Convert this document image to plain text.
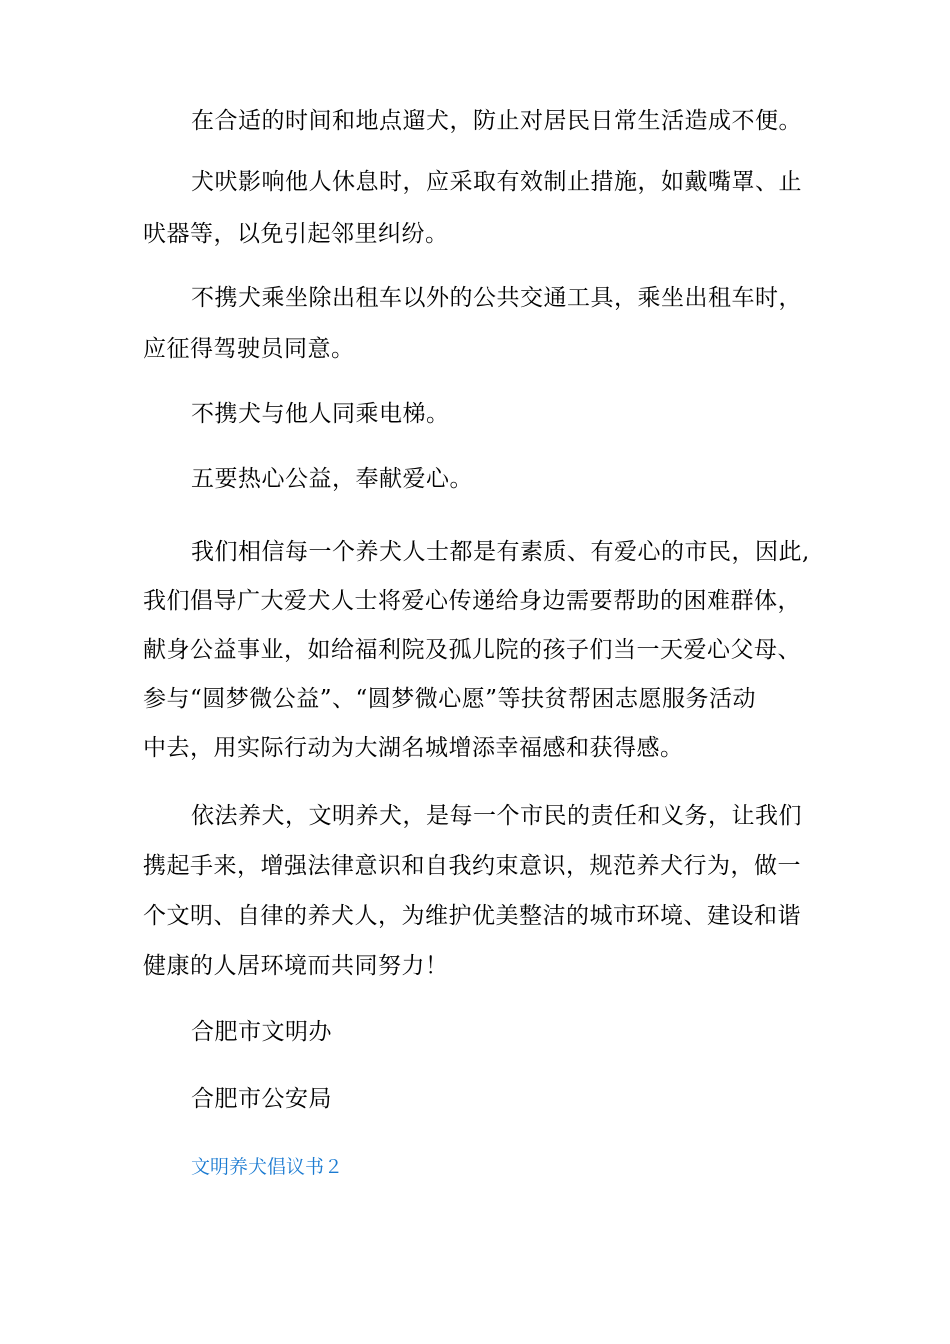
在合适的时间和地点遛犬，防止对居民日常生活造成不便。
犬吠影响他人休息时，应采取有效制止措施，如戴嘴罩、止
吠器等，以免引起邻里纠纷。
不携犬乘坐除出租车以外的公共交通工具，乘坐出租车时，
应征得驾驶员同意。
不携犬与他人同乘电梯。
五要热心公益，奉献爱心。
我们相信每一个养犬人士都是有素质、有爱心的市民，因此,
我们倡导广大爱犬人士将爱心传递给身边需要帮助的困难群体，
献身公益事业，如给福利院及孤儿院的孩子们当一天爱心父母、
参与“圆梦微公益”、“圆梦微心愿”等扶贫帮困志愿服务活动
中去，用实际行动为大湖名城增添幸福感和获得感。
依法养犬，文明养犬，是每一个市民的责任和义务，让我们
携起手来，增强法律意识和自我约束意识，规范养犬行为，做一
个文明、自律的养犬人，为维护优美整洁的城市环境、建设和谐
健康的人居环境而共同努力！
合肥市文明办
合肥市公安局
文明养犬倡议书２
